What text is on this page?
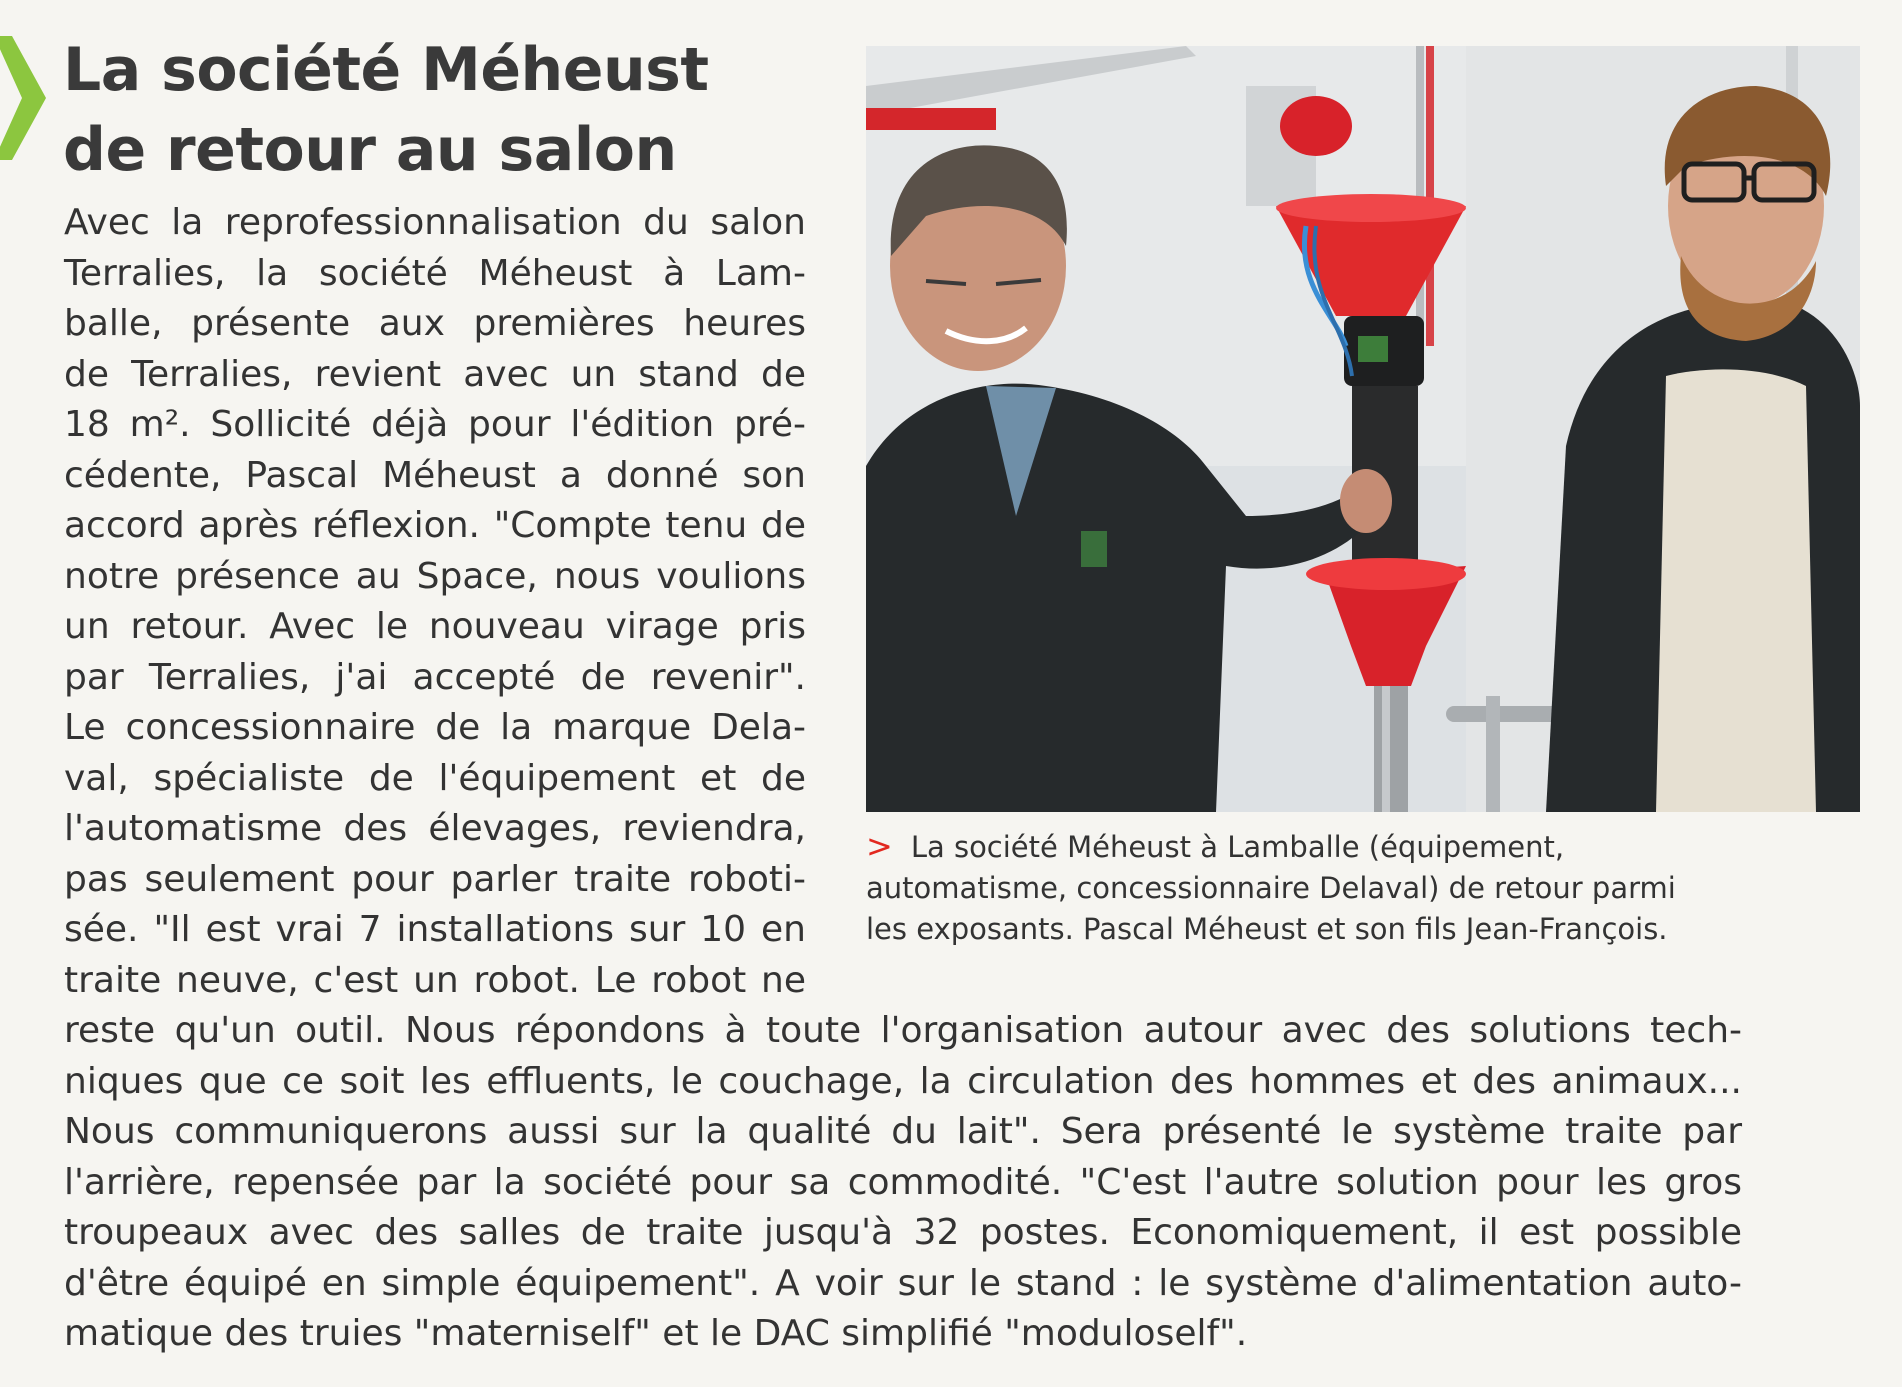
La société Méheust
de retour au salon
Avec la reprofessionnalisation du salon
Terralies, la société Méheust à Lam-
balle, présente aux premières heures
de Terralies, revient avec un stand de
18 m². Sollicité déjà pour l'édition pré-
cédente, Pascal Méheust a donné son
accord après réflexion. "Compte tenu de
notre présence au Space, nous voulions
un retour. Avec le nouveau virage pris
par Terralies, j'ai accepté de revenir".
Le concessionnaire de la marque Dela-
val, spécialiste de l'équipement et de
l'automatisme des élevages, reviendra,
pas seulement pour parler traite roboti-
sée. "Il est vrai 7 installations sur 10 en
traite neuve, c'est un robot. Le robot ne
reste qu'un outil. Nous répondons à toute l'organisation autour avec des solutions tech-
niques que ce soit les effluents, le couchage, la circulation des hommes et des animaux...
Nous communiquerons aussi sur la qualité du lait". Sera présenté le système traite par
l'arrière, repensée par la société pour sa commodité. "C'est l'autre solution pour les gros
troupeaux avec des salles de traite jusqu'à 32 postes. Economiquement, il est possible
d'être équipé en simple équipement". A voir sur le stand : le système d'alimentation auto-
matique des truies "materniself" et le DAC simplifié "moduloself".
> La société Méheust à Lamballe (équipement,
automatisme, concessionnaire Delaval) de retour parmi
les exposants. Pascal Méheust et son fils Jean-François.
